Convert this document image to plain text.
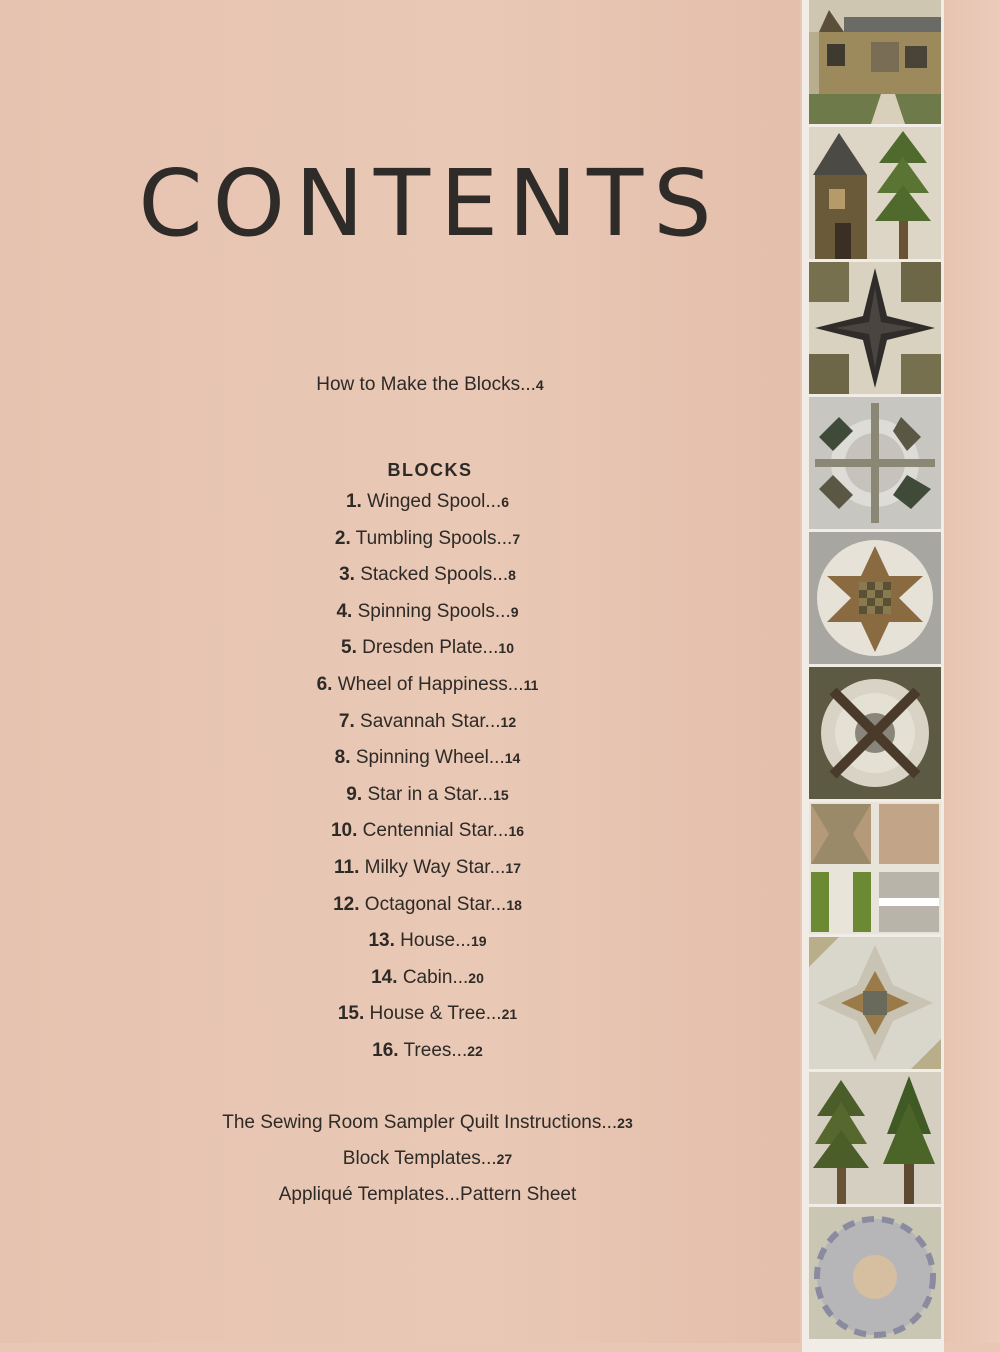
CONTENTS
How to Make the Blocks...4
BLOCKS
1. Winged Spool...6
2. Tumbling Spools...7
3. Stacked Spools...8
4. Spinning Spools...9
5. Dresden Plate...10
6. Wheel of Happiness...11
7. Savannah Star...12
8. Spinning Wheel...14
9. Star in a Star...15
10. Centennial Star...16
11. Milky Way Star...17
12. Octagonal Star...18
13. House...19
14. Cabin...20
15. House & Tree...21
16. Trees...22
The Sewing Room Sampler Quilt Instructions...23
Block Templates...27
Appliqué Templates...Pattern Sheet
